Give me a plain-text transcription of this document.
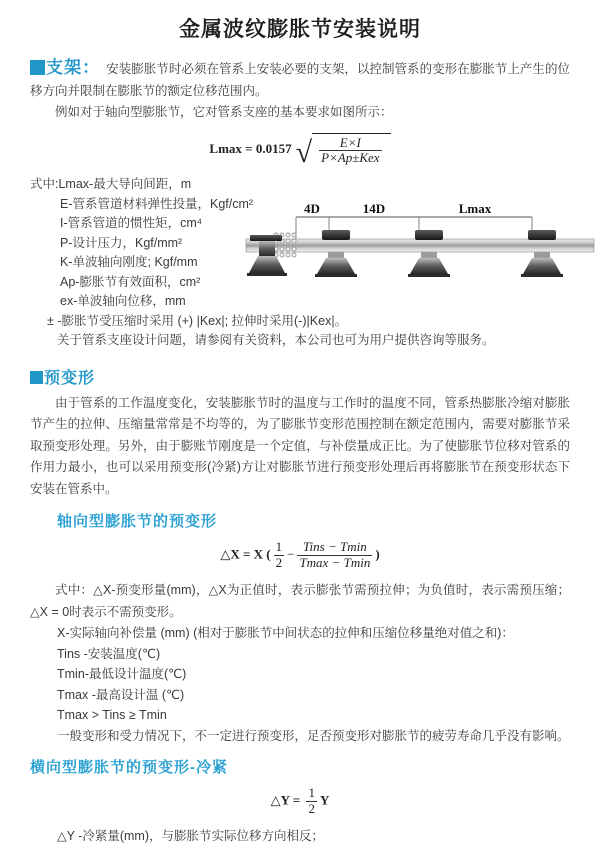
金属波纹膨胀节安装说明

支架： 安装膨胀节时必须在管系上安装必要的支架，以控制管系的变形在膨胀节上产生的位移方向并限制在膨胀节的额定位移范围内。

例如对于轴向型膨胀节，它对管系支座的基本要求如图所示：

Lmax = 0.0157 √ $\frac{E\times I}{\text{P×Ap±Kex}}$
式中:Lmax-最大导向间距，m
E-管系管道材料弹性投量，Kgf/cm²
I-管系管道的惯性矩，cm⁴
P-设计压力，Kgf/mm²
K-单波轴向刚度; Kgf/mm
Ap-膨胀节有效面积，cm²
ex-单波轴向位移，mm
± -膨胀节受压缩时采用 (+) |Kex|; 拉伸时采用(-)|Kex|。
关于管系支座设计问题，请参阅有关资料，本公司也可为用户提供咨询等服务。
4D	14D	Lmax
预变形

由于管系的工作温度变化，安装膨胀节时的温度与工作时的温度不同，管系热膨胀冷缩对膨胀节产生的拉伸、压缩量常常是不均等的，为了膨胀节变形范围控制在额定范围内，需要对膨胀节采取预变形处理。另外，由于膨账节刚度是一个定值，与补偿量成正比。为了使膨胀节位移对管系的作用力最小，也可以采用预变形(冷紧)方让对膨胀节进行预变形处理后再将膨胀节在预变形状态下安装在管系中。

轴向型膨胀节的预变形
△X = X ( $\frac{1}{2} - \frac{\text{Tins − Tmin}}{Tmax - Tmin}$ )

式中：△X-预变形量(mm)，△X为正值时，表示膨张节需预拉伸；为负值时，表示需预压缩；△X = 0时表示不需预变形。

X-实际轴向补偿量 (mm) (相对于膨胀节中间状态的拉伸和压缩位移量绝对值之和)：
Tins -安装温度(℃)
Tmin-最低设计温度(℃)
Tmax -最高设计温 (℃)
Tmax > Tins ≥ Tmin
一般变形和受力情况下，不一定进行预变形，足否预变形对膨胀节的疲劳寿命几乎没有影响。
横向型膨胀节的预变形-冷紧
△Y = $\frac{1}{2}$ Y
△Y -冷紧量(mm)，与膨胀节实际位移方向相反；
